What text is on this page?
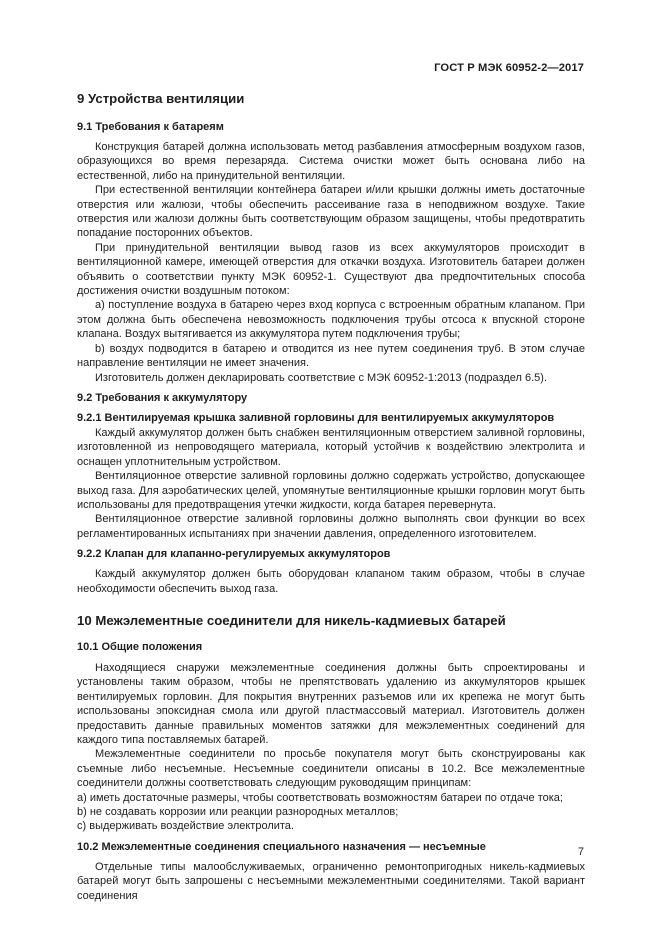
ГОСТ Р МЭК 60952-2—2017
9 Устройства вентиляции
9.1 Требования к батареям

Конструкция батарей должна использовать метод разбавления атмосферным воздухом газов, образующихся во время перезаряда. Система очистки может быть основана либо на естественной, либо на принудительной вентиляции.

При естественной вентиляции контейнера батареи и/или крышки должны иметь достаточные отверстия или жалюзи, чтобы обеспечить рассеивание газа в неподвижном воздухе. Такие отверстия или жалюзи должны быть соответствующим образом защищены, чтобы предотвратить попадание посторонних объектов.

При принудительной вентиляции вывод газов из всех аккумуляторов происходит в вентиляционной камере, имеющей отверстия для откачки воздуха. Изготовитель батареи должен объявить о соответствии пункту МЭК 60952-1. Существуют два предпочтительных способа достижения очистки воздушным потоком:

а) поступление воздуха в батарею через вход корпуса с встроенным обратным клапаном. При этом должна быть обеспечена невозможность подключения трубы отсоса к впускной стороне клапана. Воздух вытягивается из аккумулятора путем подключения трубы;

b) воздух подводится в батарею и отводится из нее путем соединения труб. В этом случае направление вентиляции не имеет значения.

Изготовитель должен декларировать соответствие с МЭК 60952-1:2013 (подраздел 6.5).

9.2 Требования к аккумулятору
9.2.1 Вентилируемая крышка заливной горловины для вентилируемых аккумуляторов

Каждый аккумулятор должен быть снабжен вентиляционным отверстием заливной горловины, изготовленной из непроводящего материала, который устойчив к воздействию электролита и оснащен уплотнительным устройством.

Вентиляционное отверстие заливной горловины должно содержать устройство, допускающее выход газа. Для аэробатических целей, упомянутые вентиляционные крышки горловин могут быть использованы для предотвращения утечки жидкости, когда батарея перевернута.

Вентиляционное отверстие заливной горловины должно выполнять свои функции во всех регламентированных испытаниях при значении давления, определенного изготовителем.

9.2.2 Клапан для клапанно-регулируемых аккумуляторов

Каждый аккумулятор должен быть оборудован клапаном таким образом, чтобы в случае необходимости обеспечить выход газа.

10 Межэлементные соединители для никель-кадмиевых батарей
10.1 Общие положения

Находящиеся снаружи межэлементные соединения должны быть спроектированы и установлены таким образом, чтобы не препятствовать удалению из аккумуляторов крышек вентилируемых горловин. Для покрытия внутренних разъемов или их крепежа не могут быть использованы эпоксидная смола или другой пластмассовый материал. Изготовитель должен предоставить данные правильных моментов затяжки для межэлементных соединений для каждого типа поставляемых батарей.

Межэлементные соединители по просьбе покупателя могут быть сконструированы как съемные либо несъемные. Несъемные соединители описаны в 10.2. Все межэлементные соединители должны соответствовать следующим руководящим принципам:

a) иметь достаточные размеры, чтобы соответствовать возможностям батареи по отдаче тока;

b) не создавать коррозии или реакции разнородных металлов;

c) выдерживать воздействие электролита.

10.2 Межэлементные соединения специального назначения — несъемные

Отдельные типы малообслуживаемых, ограниченно ремонтопригодных никель-кадмиевых батарей могут быть запрошены с несъемными межэлементными соединителями. Такой вариант соединения

7
